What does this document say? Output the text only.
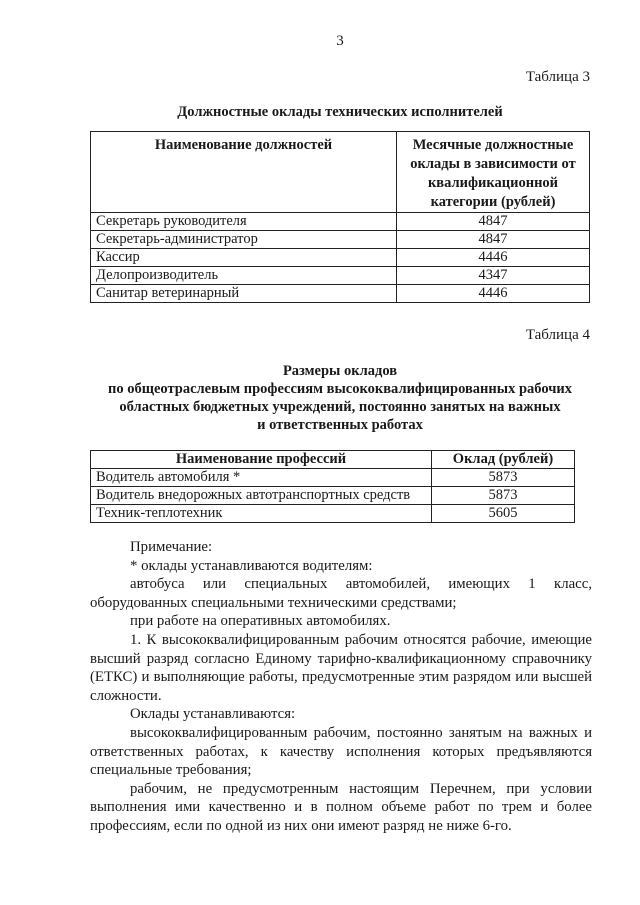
3
Таблица 3
Должностные оклады технических исполнителей
Наименование должностей	Месячные должностные оклады в зависимости от квалификационной категории (рублей)
Секретарь руководителя	4847
Секретарь-администратор	4847
Кассир	4446
Делопроизводитель	4347
Санитар ветеринарный	4446
Таблица 4
Размеры окладов
по общеотраслевым профессиям высококвалифицированных рабочих
областных бюджетных учреждений, постоянно занятых на важных
и ответственных работах
Наименование профессий	Оклад (рублей)
Водитель автомобиля *	5873
Водитель внедорожных автотранспортных средств	5873
Техник-теплотехник	5605

Примечание:

* оклады устанавливаются водителям:

автобуса или специальных автомобилей, имеющих 1 класс, оборудованных специальными техническими средствами;

при работе на оперативных автомобилях.

1. К высококвалифицированным рабочим относятся рабочие, имеющие высший разряд согласно Единому тарифно-квалификационному справочнику (ЕТКС) и выполняющие работы, предусмотренные этим разрядом или высшей сложности.

Оклады устанавливаются:

высококвалифицированным рабочим, постоянно занятым на важных и ответственных работах, к качеству исполнения которых предъявляются специальные требования;

рабочим, не предусмотренным настоящим Перечнем, при условии выполнения ими качественно и в полном объеме работ по трем и более профессиям, если по одной из них они имеют разряд не ниже 6-го.
